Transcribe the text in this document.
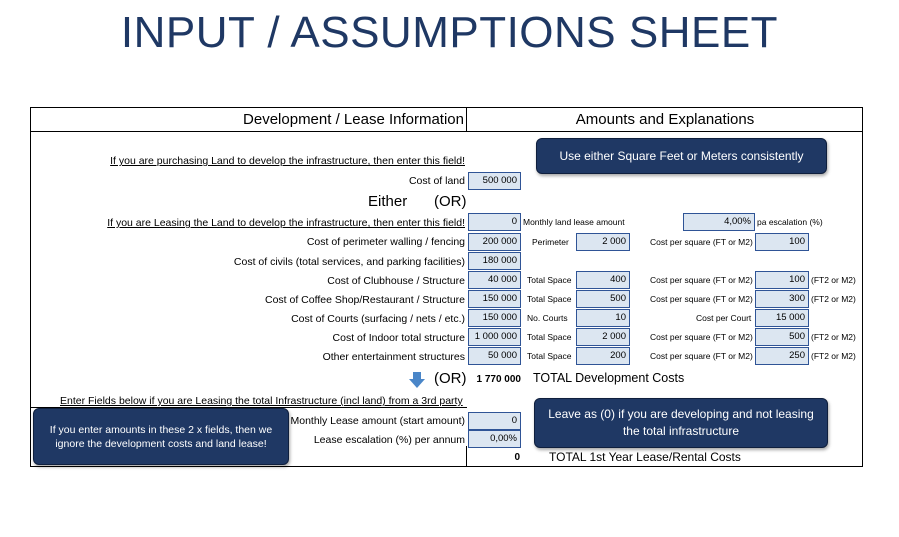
INPUT / ASSUMPTIONS SHEET
Development / Lease Information	Amounts and Explanations
Use either Square Feet or Meters consistently
If you are purchasing Land to develop the infrastructure, then enter this field!
Cost of land	500 000
Either (OR)
If you are Leasing the Land to develop the infrastructure, then enter this field!	0 Monthly land lease amount	4,00% pa escalation (%)
Cost of perimeter walling / fencing	200 000	Perimeter	2 000	Cost per square (FT or M2)	100
Cost of civils (total services, and parking facilities)	180 000
Cost of Clubhouse / Structure	40 000	Total Space	400	Cost per square (FT or M2)	100 (FT2 or M2)
Cost of Coffee Shop/Restaurant / Structure	150 000	Total Space	500	Cost per square (FT or M2)	300 (FT2 or M2)
Cost of Courts (surfacing / nets / etc.)	150 000	No. Courts	10	Cost per Court	15 000
Cost of Indoor total structure	1 000 000	Total Space	2 000	Cost per square (FT or M2)	500 (FT2 or M2)
Other entertainment structures	50 000	Total Space	200	Cost per square (FT or M2)	250 (FT2 or M2)
(OR)	1 770 000 TOTAL Development Costs
Enter Fields below if you are Leasing the total Infrastructure (incl land) from a 3rd party
Monthly Lease amount (start amount)	0
Lease escalation (%) per annum	0,00%
0 TOTAL 1st Year Lease/Rental Costs
Leave as (0) if you are developing and not leasing the total infrastructure
If you enter amounts in these 2 x fields, then we ignore the development costs and land lease!
